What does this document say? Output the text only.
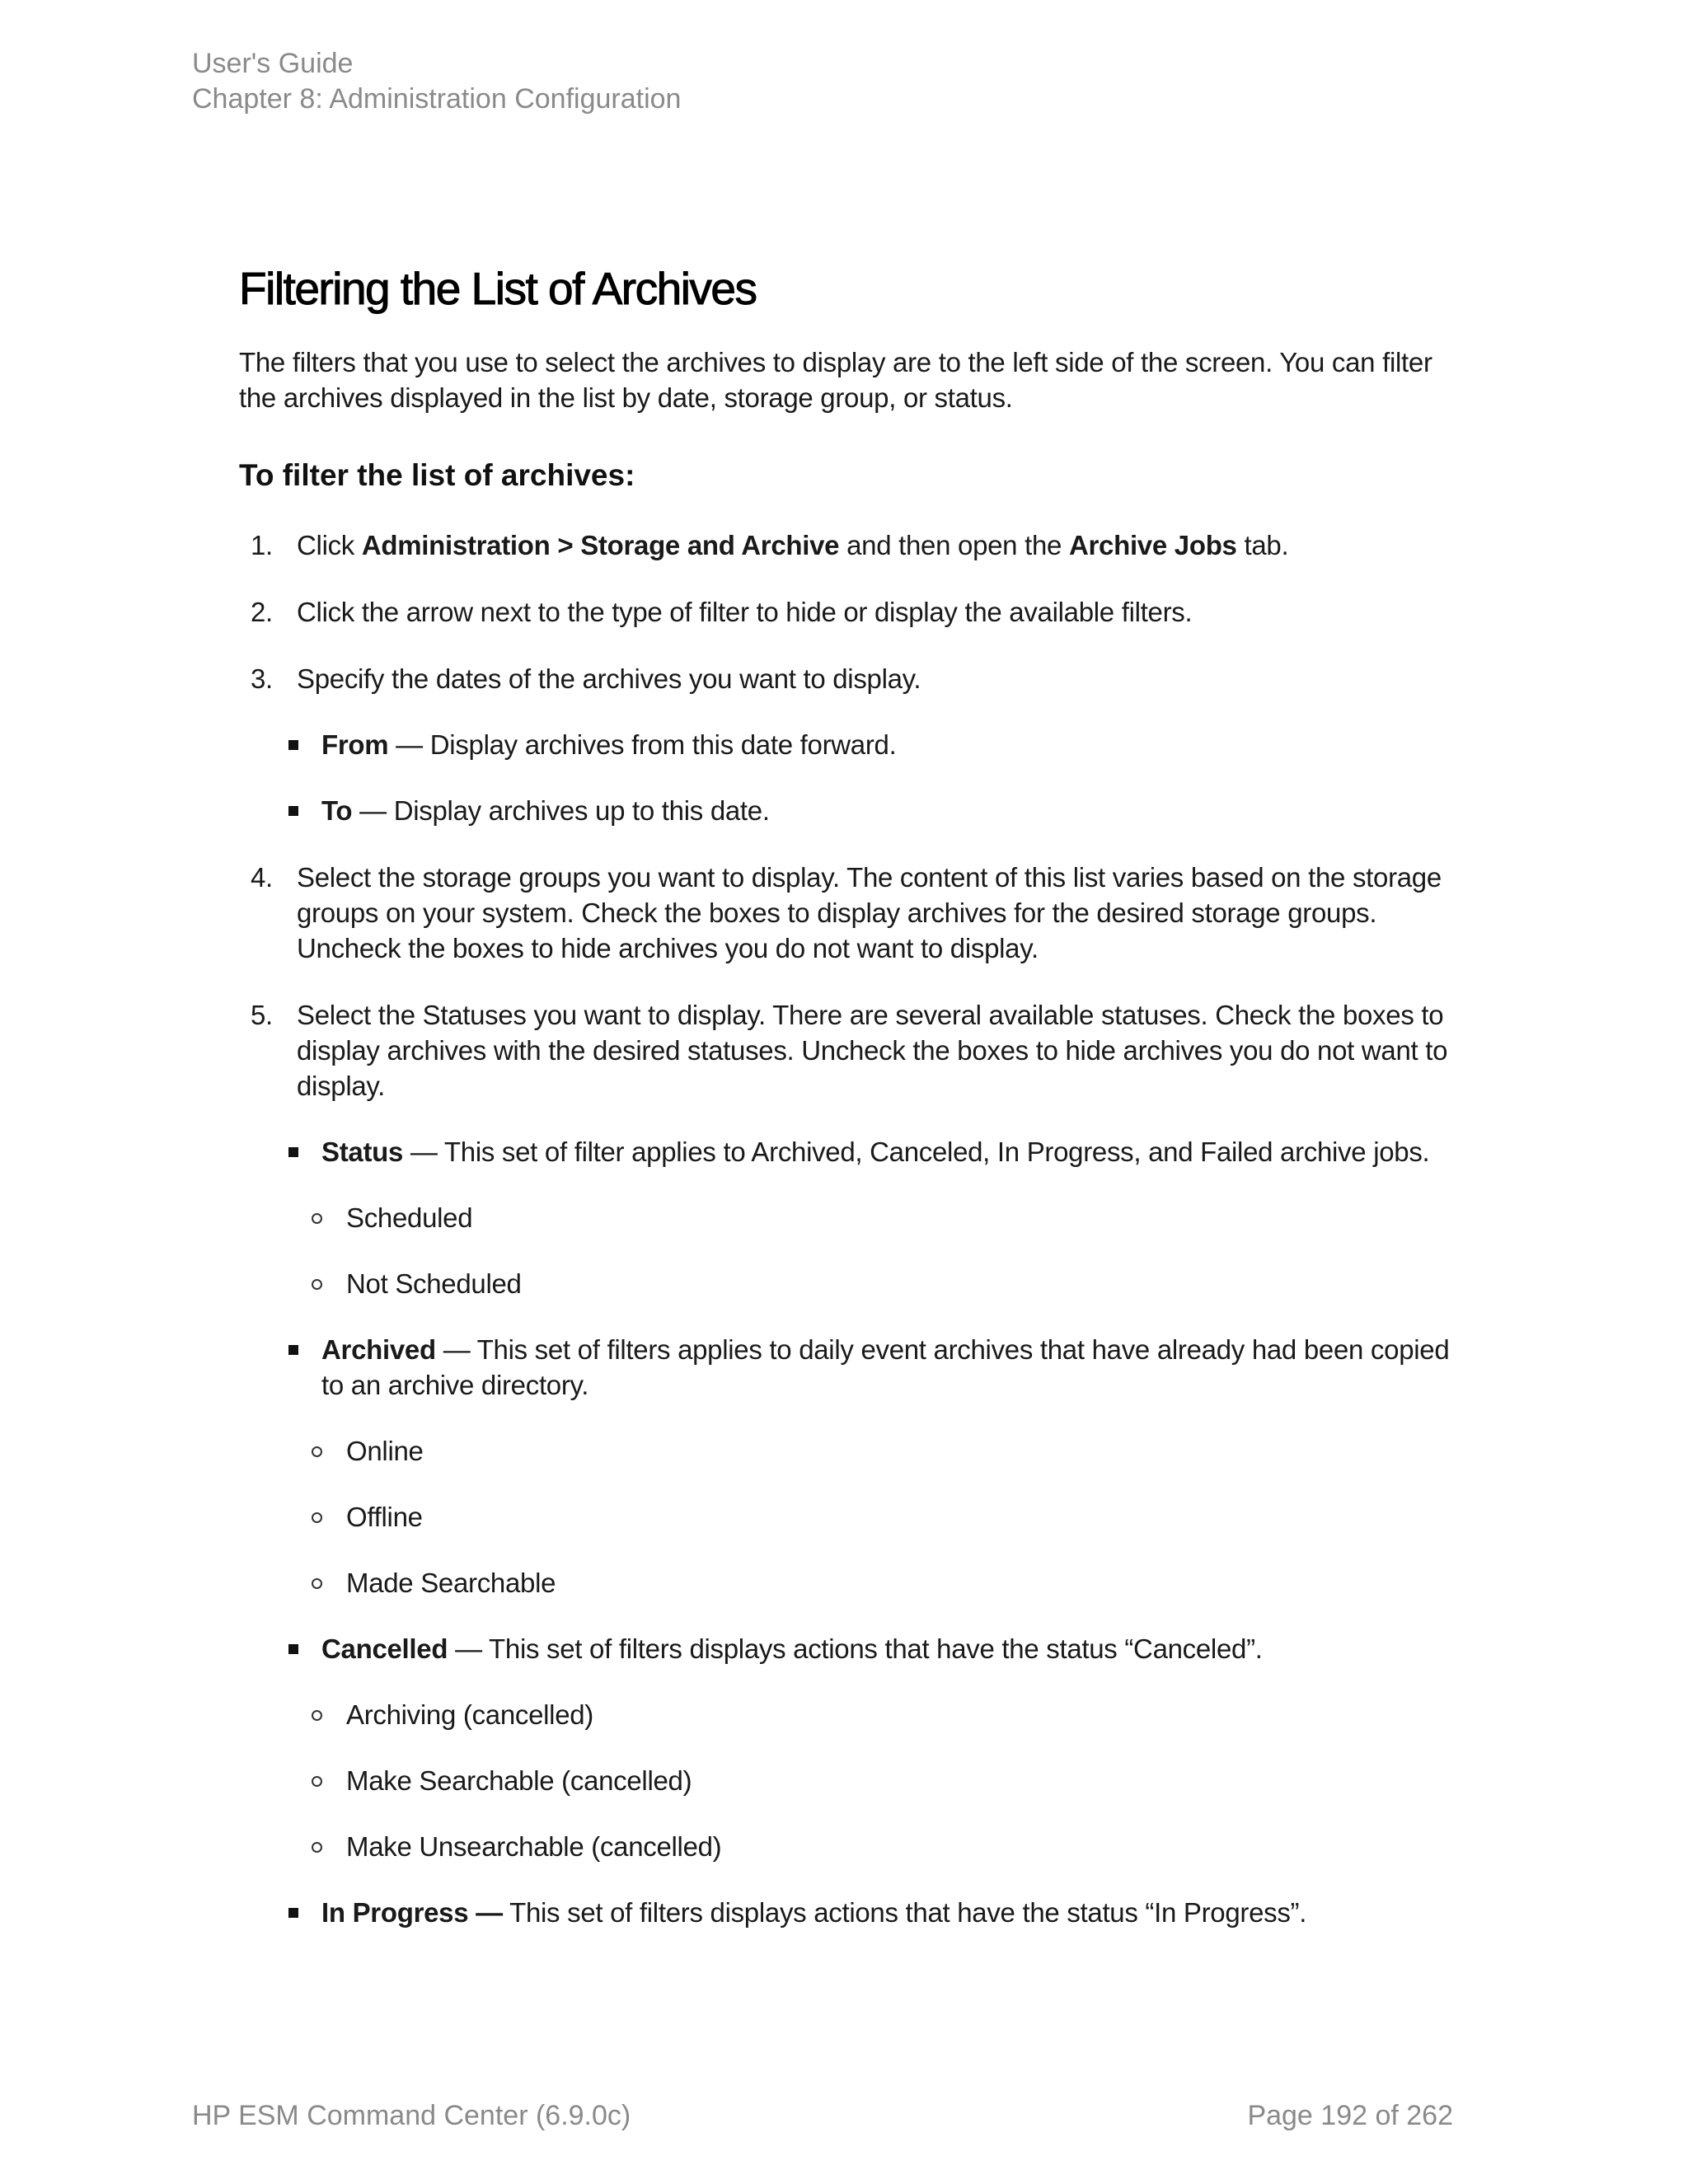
User's Guide
Chapter 8: Administration Configuration
Filtering the List of Archives

The filters that you use to select the archives to display are to the left side of the screen. You can filter the archives displayed in the list by date, storage group, or status.

To filter the list of archives:
1. Click Administration > Storage and Archive and then open the Archive Jobs tab.
2. Click the arrow next to the type of filter to hide or display the available filters.
3. Specify the dates of the archives you want to display.
From — Display archives from this date forward.
To — Display archives up to this date.
4. Select the storage groups you want to display. The content of this list varies based on the storage groups on your system. Check the boxes to display archives for the desired storage groups. Uncheck the boxes to hide archives you do not want to display.
5. Select the Statuses you want to display. There are several available statuses. Check the boxes to display archives with the desired statuses. Uncheck the boxes to hide archives you do not want to display.
Status — This set of filter applies to Archived, Canceled, In Progress, and Failed archive jobs.
Scheduled
Not Scheduled
Archived — This set of filters applies to daily event archives that have already had been copied to an archive directory.
Online
Offline
Made Searchable
Cancelled — This set of filters displays actions that have the status “Canceled”.
Archiving (cancelled)
Make Searchable (cancelled)
Make Unsearchable (cancelled)
In Progress — This set of filters displays actions that have the status “In Progress”.
HP ESM Command Center (6.9.0c)	Page 192 of 262
